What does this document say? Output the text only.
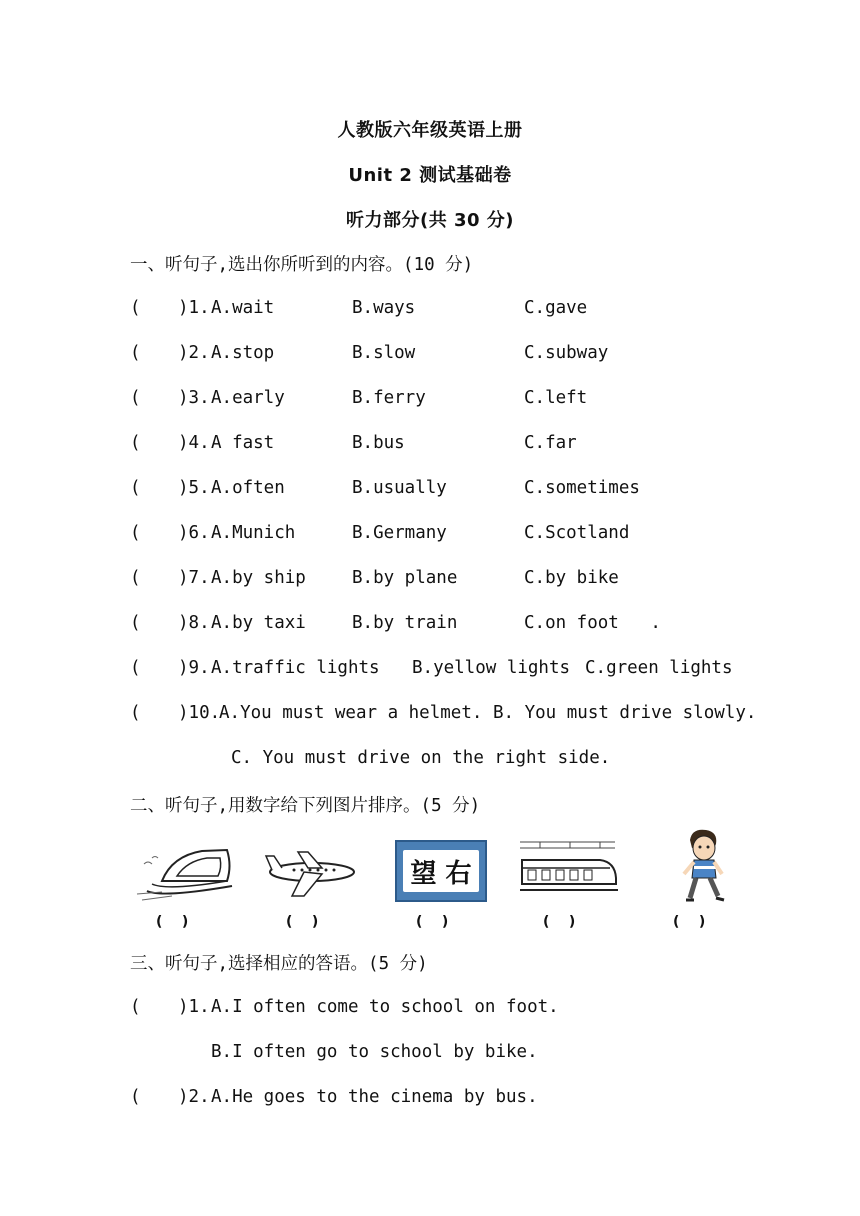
人教版六年级英语上册
Unit 2 测试基础卷
听力部分(共 30 分)
一、听句子,选出你所听到的内容。(10 分)
( )1. A.wait	B.ways	C.gave
( )2. A.stop	B.slow	C.subway
( )3. A.early	B.ferry	C.left
( )4. A fast	B.bus	C.far
( )5. A.often	B.usually	C.sometimes
( )6. A.Munich	B.Germany	C.Scotland
( )7. A.by ship	B.by plane	C.by bike
( )8. A.by taxi	B.by train	C.on foot   .
( )9. A.traffic lights B.yellow lights C.green lights
( )10.
A.You must wear a helmet. B. You must drive slowly.
C. You must drive on the right side.
二、听句子,用数字给下列图片排序。(5 分)
望 右
(    )	(    )	(    )	(    )	(    )
三、听句子,选择相应的答语。(5 分)
( )1. A.I often come to school on foot.
B.I often go to school by bike.
( )2. A.He goes to the cinema by bus.
